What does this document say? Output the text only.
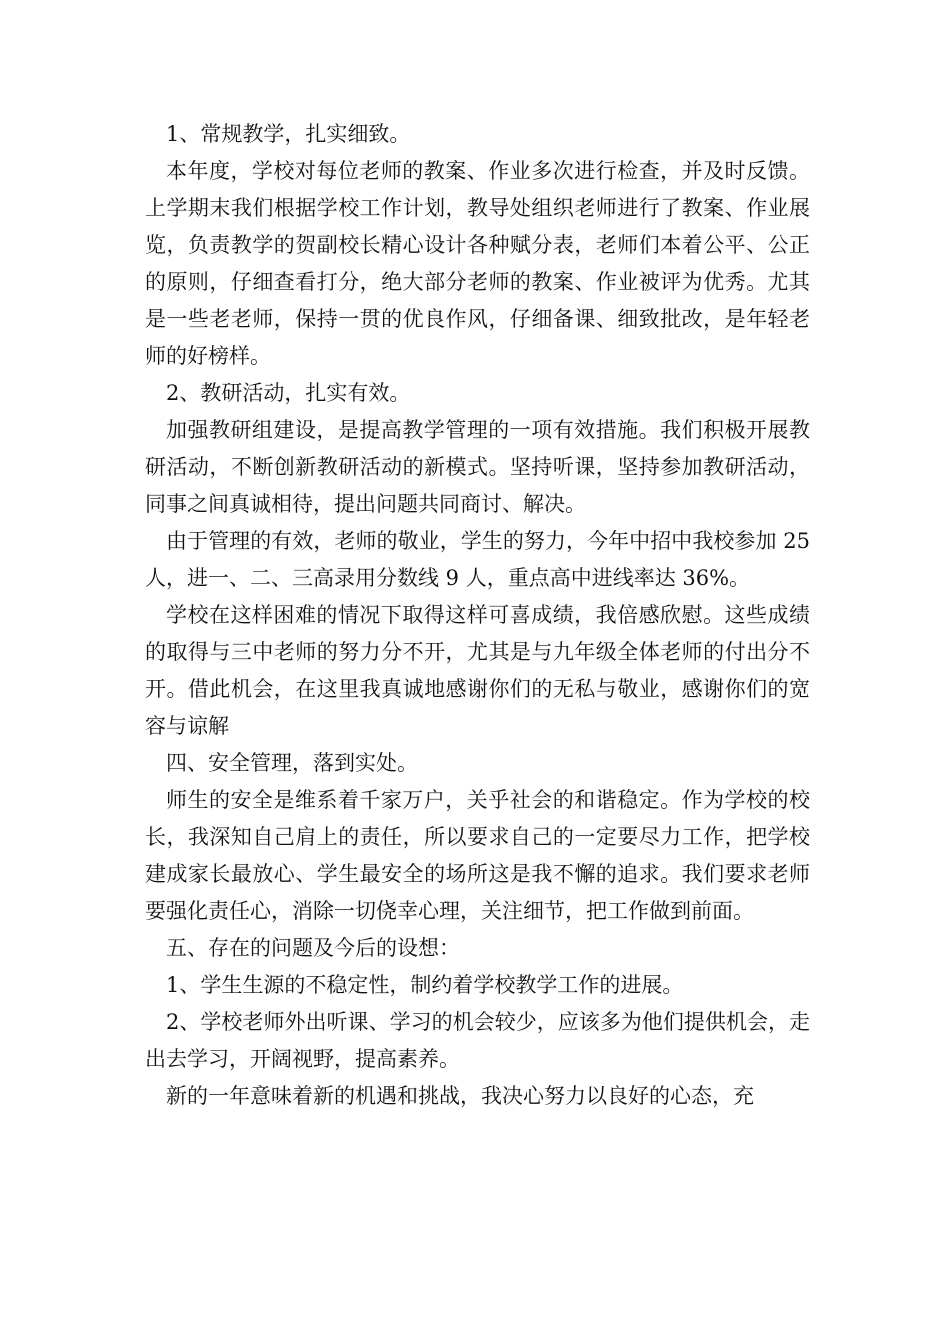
1、常规教学，扎实细致。

本年度，学校对每位老师的教案、作业多次进行检查，并及时反馈。上学期末我们根据学校工作计划，教导处组织老师进行了教案、作业展览，负责教学的贺副校长精心设计各种赋分表，老师们本着公平、公正的原则，仔细查看打分，绝大部分老师的教案、作业被评为优秀。尤其是一些老老师，保持一贯的优良作风，仔细备课、细致批改，是年轻老师的好榜样。

2、教研活动，扎实有效。

加强教研组建设，是提高教学管理的一项有效措施。我们积极开展教研活动，不断创新教研活动的新模式。坚持听课，坚持参加教研活动，同事之间真诚相待，提出问题共同商讨、解决。

由于管理的有效，老师的敬业，学生的努力，今年中招中我校参加 25 人，进一、二、三高录用分数线 9 人，重点高中进线率达 36%。

学校在这样困难的情况下取得这样可喜成绩，我倍感欣慰。这些成绩的取得与三中老师的努力分不开，尤其是与九年级全体老师的付出分不开。借此机会，在这里我真诚地感谢你们的无私与敬业，感谢你们的宽容与谅解

四、安全管理，落到实处。

师生的安全是维系着千家万户，关乎社会的和谐稳定。作为学校的校长，我深知自己肩上的责任，所以要求自己的一定要尽力工作，把学校建成家长最放心、学生最安全的场所这是我不懈的追求。我们要求老师要强化责任心，消除一切侥幸心理，关注细节，把工作做到前面。

五、存在的问题及今后的设想：

1、学生生源的不稳定性，制约着学校教学工作的进展。

2、学校老师外出听课、学习的机会较少，应该多为他们提供机会，走出去学习，开阔视野，提高素养。

新的一年意味着新的机遇和挑战，我决心努力以良好的心态，充
